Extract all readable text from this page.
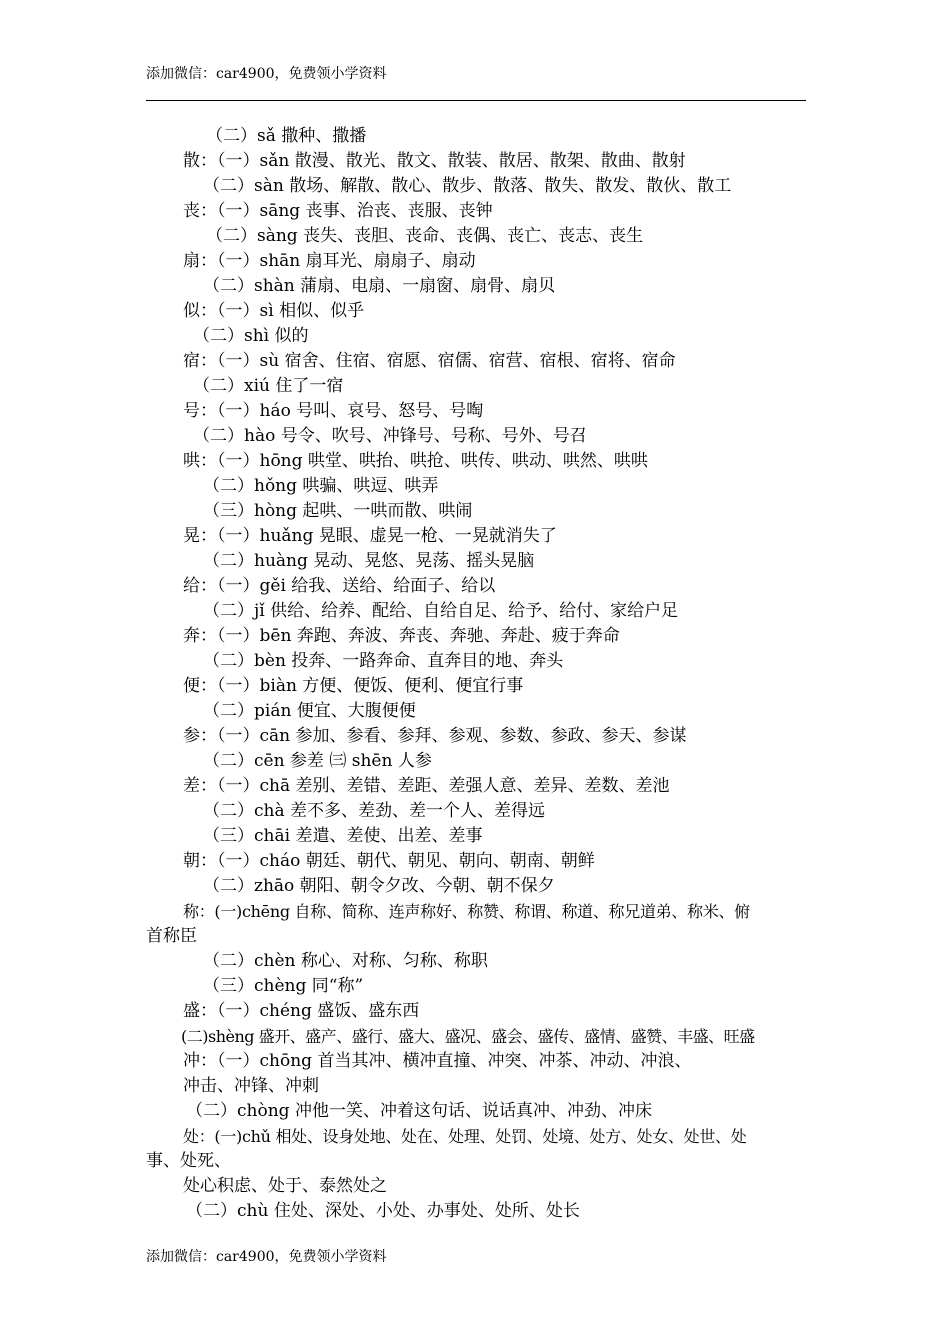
添加微信：car4900，免费领小学资料
（二）sǎ 撒种、撒播
散：（一）sǎn 散漫、散光、散文、散装、散居、散架、散曲、散射
（二）sàn 散场、解散、散心、散步、散落、散失、散发、散伙、散工
丧：（一）sāng 丧事、治丧、丧服、丧钟
（二）sàng 丧失、丧胆、丧命、丧偶、丧亡、丧志、丧生
扇：（一）shān 扇耳光、扇扇子、扇动
（二）shàn 蒲扇、电扇、一扇窗、扇骨、扇贝
似：（一）sì 相似、似乎
（二）shì 似的
宿：（一）sù 宿舍、住宿、宿愿、宿儒、宿营、宿根、宿将、宿命
（二）xiú 住了一宿
号：（一）háo 号叫、哀号、怒号、号啕
（二）hào 号令、吹号、冲锋号、号称、号外、号召
哄：（一）hōng 哄堂、哄抬、哄抢、哄传、哄动、哄然、哄哄
（二）hǒng 哄骗、哄逗、哄弄
（三）hòng 起哄、一哄而散、哄闹
晃：（一）huǎng 晃眼、虚晃一枪、一晃就消失了
（二）huàng 晃动、晃悠、晃荡、摇头晃脑
给：（一）gěi 给我、送给、给面子、给以
（二）jǐ 供给、给养、配给、自给自足、给予、给付、家给户足
奔：（一）bēn 奔跑、奔波、奔丧、奔驰、奔赴、疲于奔命
（二）bèn 投奔、一路奔命、直奔目的地、奔头
便：（一）biàn 方便、便饭、便利、便宜行事
（二）pián 便宜、大腹便便
参：（一）cān 参加、参看、参拜、参观、参数、参政、参天、参谋
（二）cēn 参差 ㈢ shēn 人参
差：（一）chā 差别、差错、差距、差强人意、差异、差数、差池
（二）chà 差不多、差劲、差一个人、差得远
（三）chāi 差遣、差使、出差、差事
朝：（一）cháo 朝廷、朝代、朝见、朝向、朝南、朝鲜
（二）zhāo 朝阳、朝令夕改、今朝、朝不保夕
称：(一)chēng 自称、简称、连声称好、称赞、称谓、称道、称兄道弟、称米、俯
首称臣
（二）chèn 称心、对称、匀称、称职
（三）chèng 同“称”
盛：（一）chéng 盛饭、盛东西
(二)shèng 盛开、盛产、盛行、盛大、盛况、盛会、盛传、盛情、盛赞、丰盛、旺盛
冲：（一）chōng 首当其冲、横冲直撞、冲突、冲茶、冲动、冲浪、
冲击、冲锋、冲刺
（二）chòng 冲他一笑、冲着这句话、说话真冲、冲劲、冲床
处：(一)chǔ 相处、设身处地、处在、处理、处罚、处境、处方、处女、处世、处
事、处死、
处心积虑、处于、泰然处之
（二）chù 住处、深处、小处、办事处、处所、处长
添加微信：car4900，免费领小学资料
